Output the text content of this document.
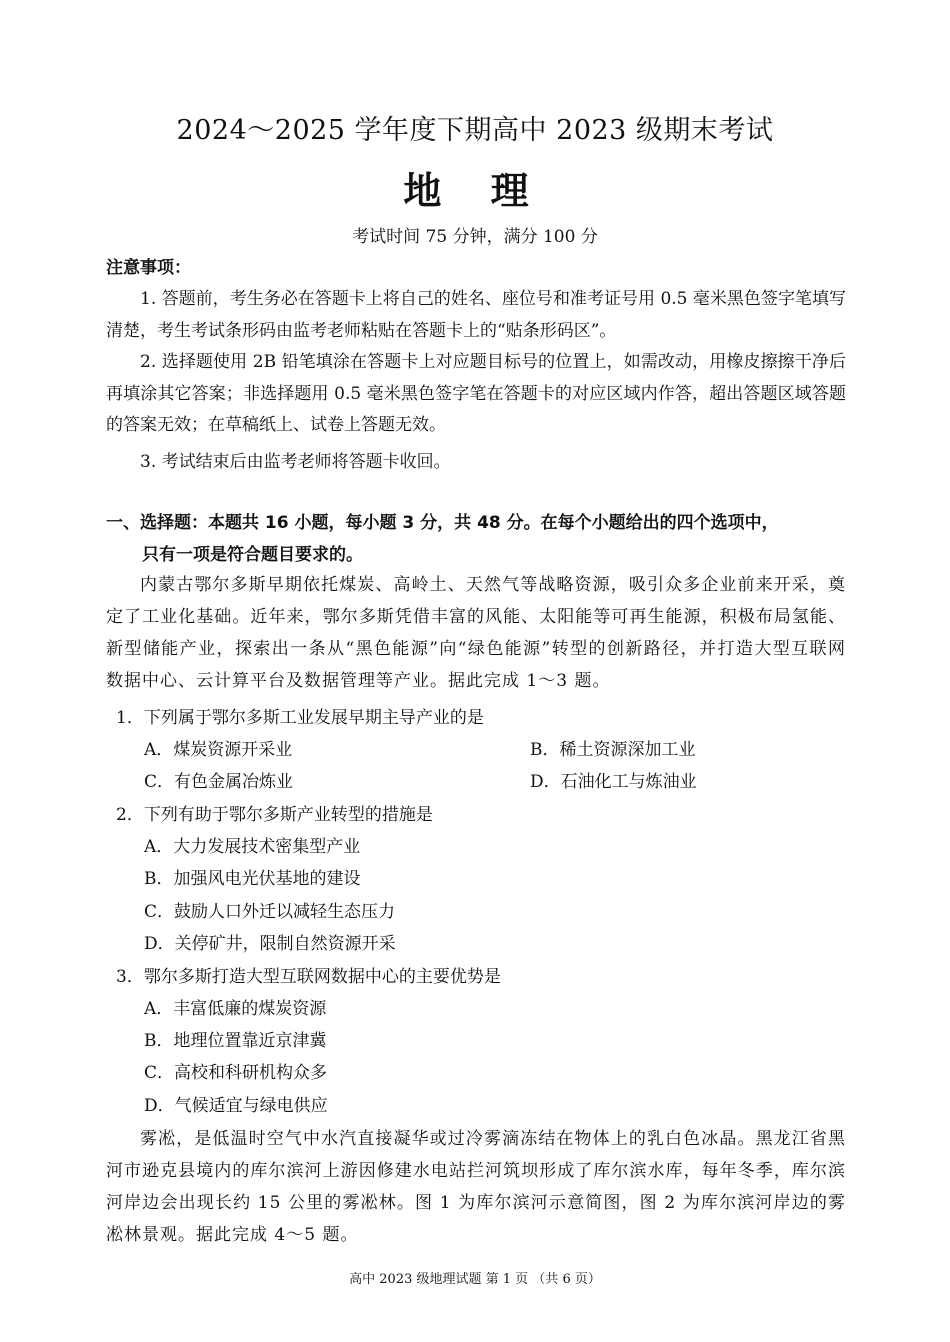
2024～2025 学年度下期高中 2023 级期末考试
地 理
考试时间 75 分钟，满分 100 分
注意事项：
1. 答题前，考生务必在答题卡上将自己的姓名、座位号和准考证号用 0.5 毫米黑色签字笔填写清楚，考生考试条形码由监考老师粘贴在答题卡上的“贴条形码区”。
2. 选择题使用 2B 铅笔填涂在答题卡上对应题目标号的位置上，如需改动，用橡皮擦擦干净后再填涂其它答案；非选择题用 0.5 毫米黑色签字笔在答题卡的对应区域内作答，超出答题区域答题的答案无效；在草稿纸上、试卷上答题无效。
3. 考试结束后由监考老师将答题卡收回。
一、选择题：本题共 16 小题，每小题 3 分，共 48 分。在每个小题给出的四个选项中，
只有一项是符合题目要求的。
内蒙古鄂尔多斯早期依托煤炭、高岭土、天然气等战略资源，吸引众多企业前来开采，奠定了工业化基础。近年来，鄂尔多斯凭借丰富的风能、太阳能等可再生能源，积极布局氢能、新型储能产业，探索出一条从“黑色能源”向“绿色能源”转型的创新路径，并打造大型互联网数据中心、云计算平台及数据管理等产业。据此完成 1～3 题。
1．下列属于鄂尔多斯工业发展早期主导产业的是
A．煤炭资源开采业	B．稀土资源深加工业
C．有色金属冶炼业	D．石油化工与炼油业
2．下列有助于鄂尔多斯产业转型的措施是
A．大力发展技术密集型产业
B．加强风电光伏基地的建设
C．鼓励人口外迁以减轻生态压力
D．关停矿井，限制自然资源开采
3．鄂尔多斯打造大型互联网数据中心的主要优势是
A．丰富低廉的煤炭资源
B．地理位置靠近京津冀
C．高校和科研机构众多
D．气候适宜与绿电供应
雾凇，是低温时空气中水汽直接凝华或过冷雾滴冻结在物体上的乳白色冰晶。黑龙江省黑河市逊克县境内的库尔滨河上游因修建水电站拦河筑坝形成了库尔滨水库，每年冬季，库尔滨河岸边会出现长约 15 公里的雾凇林。图 1 为库尔滨河示意简图，图 2 为库尔滨河岸边的雾凇林景观。据此完成 4～5 题。
高中 2023 级地理试题 第 1 页 （共 6 页）
